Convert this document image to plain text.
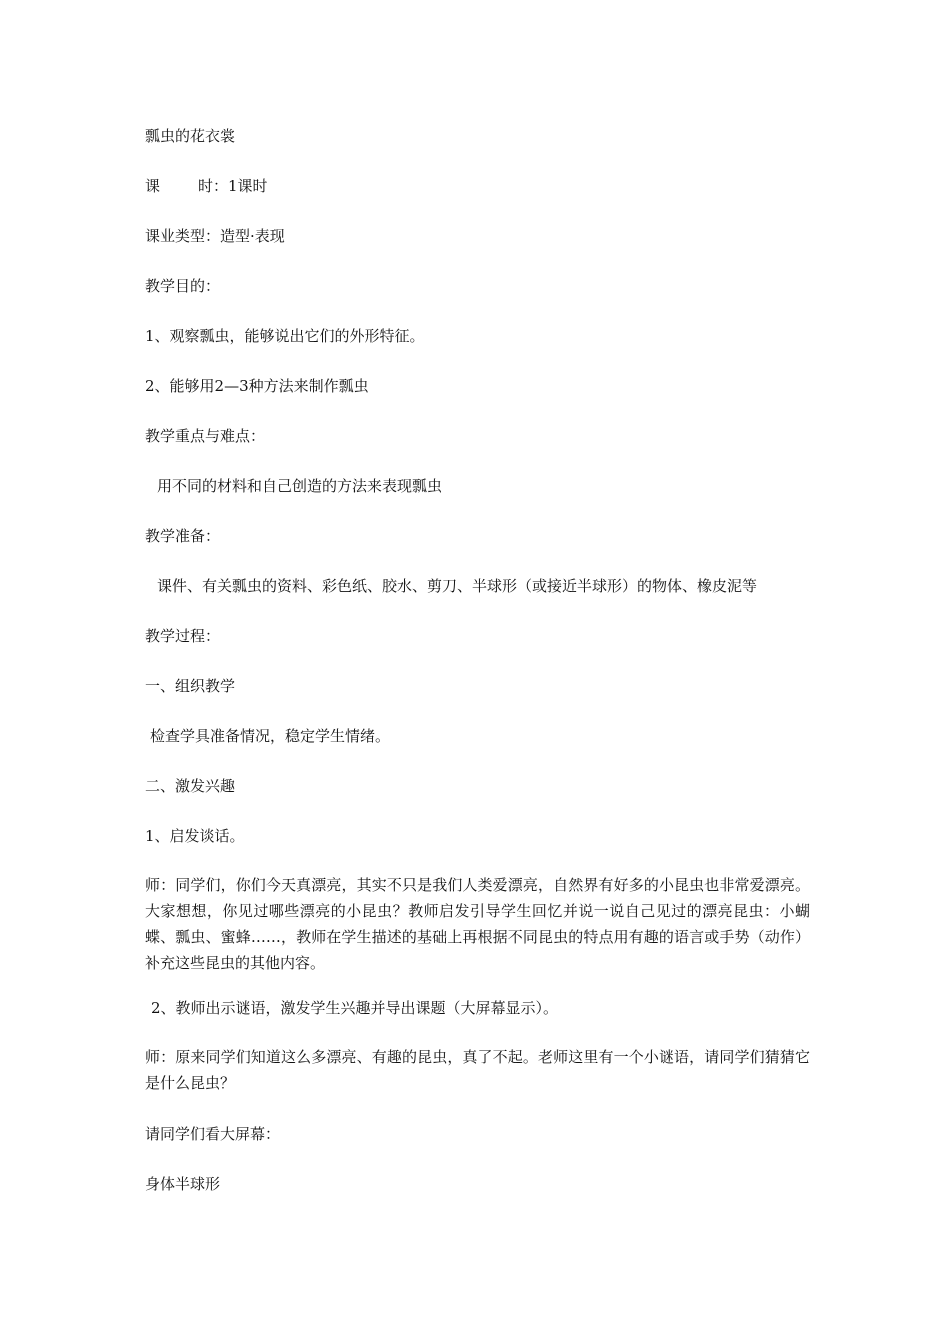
瓢虫的花衣裳
课	时：1课时
课业类型：造型·表现
教学目的：
1、观察瓢虫，能够说出它们的外形特征。
2、能够用2—3种方法来制作瓢虫
教学重点与难点：
用不同的材料和自己创造的方法来表现瓢虫
教学准备：
课件、有关瓢虫的资料、彩色纸、胶水、剪刀、半球形（或接近半球形）的物体、橡皮泥等
教学过程：
一、组织教学
检查学具准备情况，稳定学生情绪。
二、激发兴趣
1、启发谈话。
师：同学们，你们今天真漂亮，其实不只是我们人类爱漂亮，自然界有好多的小昆虫也非常爱漂亮。大家想想，你见过哪些漂亮的小昆虫？教师启发引导学生回忆并说一说自己见过的漂亮昆虫：小蝴蝶、瓢虫、蜜蜂……，教师在学生描述的基础上再根据不同昆虫的特点用有趣的语言或手势（动作）补充这些昆虫的其他内容。
2、教师出示谜语，激发学生兴趣并导出课题（大屏幕显示）。
师：原来同学们知道这么多漂亮、有趣的昆虫，真了不起。老师这里有一个小谜语，请同学们猜猜它是什么昆虫？
请同学们看大屏幕：
身体半球形
